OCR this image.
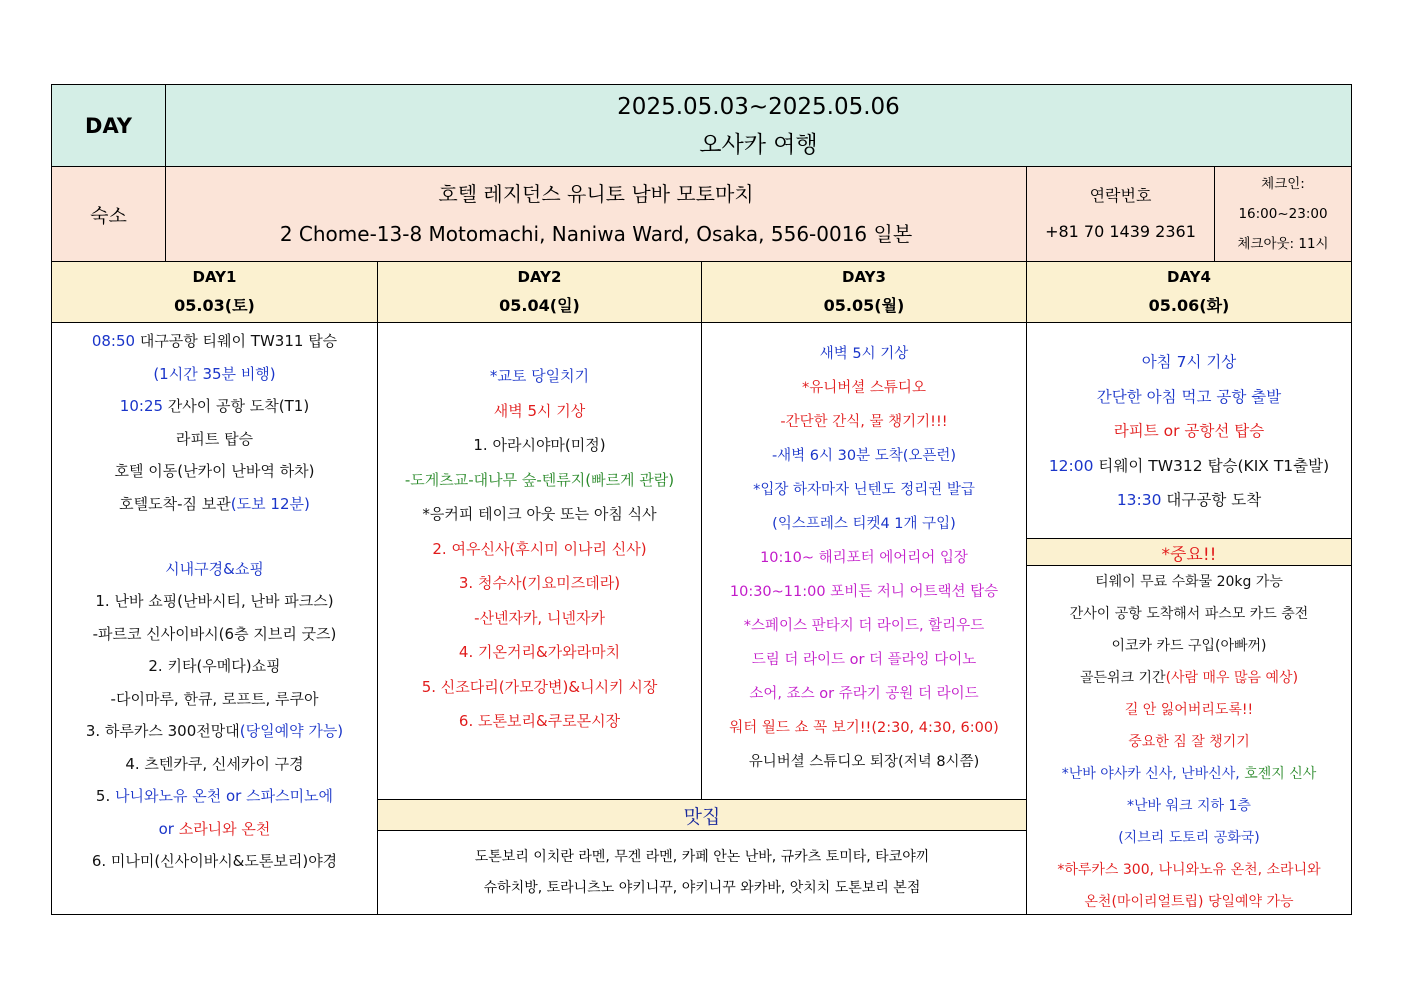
DAY
2025.05.03~2025.05.06
오사카 여행
숙소
호텔 레지던스 유니토 남바 모토마치
2 Chome-13-8 Motomachi, Naniwa Ward, Osaka, 556-0016 일본
연락번호
+81 70 1439 2361
체크인:
16:00~23:00
체크아웃: 11시
DAY1
05.03(토)
DAY2
05.04(일)
DAY3
05.05(월)
DAY4
05.06(화)
08:50 대구공항 티웨이 TW311 탑승
(1시간 35분 비행)
10:25 간사이 공항 도착(T1)
라피트 탑승
호텔 이동(난카이 난바역 하차)
호텔도착-짐 보관(도보 12분)
시내구경&쇼핑
1. 난바 쇼핑(난바시티, 난바 파크스)
-파르코 신사이바시(6층 지브리 굿즈)
2. 키타(우메다)쇼핑
-다이마루, 한큐, 로프트, 루쿠아
3. 하루카스 300전망대(당일예약 가능)
4. 츠텐카쿠, 신세카이 구경
5. 나니와노유 온천 or 스파스미노에
or 소라니와 온천
6. 미나미(신사이바시&도톤보리)야경
*교토 당일치기
새벽 5시 기상
1. 아라시야마(미정)
-도게츠교-대나무 숲-텐류지(빠르게 관람)
*응커피 테이크 아웃 또는 아침 식사
2. 여우신사(후시미 이나리 신사)
3. 청수사(기요미즈데라)
-산넨자카, 니넨자카
4. 기온거리&가와라마치
5. 신조다리(가모강변)&니시키 시장
6. 도톤보리&쿠로몬시장
새벽 5시 기상
*유니버셜 스튜디오
-간단한 간식, 물 챙기기!!!
-새벽 6시 30분 도착(오픈런)
*입장 하자마자 닌텐도 정리권 발급
(익스프레스 티켓4 1개 구입)
10:10~ 해리포터 에어리어 입장
10:30~11:00 포비든 저니 어트랙션 탑승
*스페이스 판타지 더 라이드, 할리우드
드림 더 라이드 or 더 플라잉 다이노
소어, 죠스 or 쥬라기 공원 더 라이드
워터 월드 쇼 꼭 보기!!(2:30, 4:30, 6:00)
유니버셜 스튜디오 퇴장(저녁 8시쯤)
아침 7시 기상
간단한 아침 먹고 공항 출발
라피트 or 공항선 탑승
12:00 티웨이 TW312 탑승(KIX T1출발)
13:30 대구공항 도착
*중요!!
티웨이 무료 수화물 20kg 가능
간사이 공항 도착해서 파스모 카드 충전
이코카 카드 구입(아빠꺼)
골든위크 기간(사람 매우 많음 예상)
길 안 잃어버리도록!!
중요한 짐 잘 챙기기
*난바 야사카 신사, 난바신사, 호젠지 신사
*난바 워크 지하 1층
(지브리 도토리 공화국)
*하루카스 300, 나니와노유 온천, 소라니와
온천(마이리얼트립) 당일예약 가능
맛집
도톤보리 이치란 라멘, 무겐 라멘, 카페 안논 난바, 규카츠 토미타, 타코야끼
슈하치방, 토라니츠노 야키니꾸, 야키니꾸 와카바, 앗치치 도톤보리 본점
